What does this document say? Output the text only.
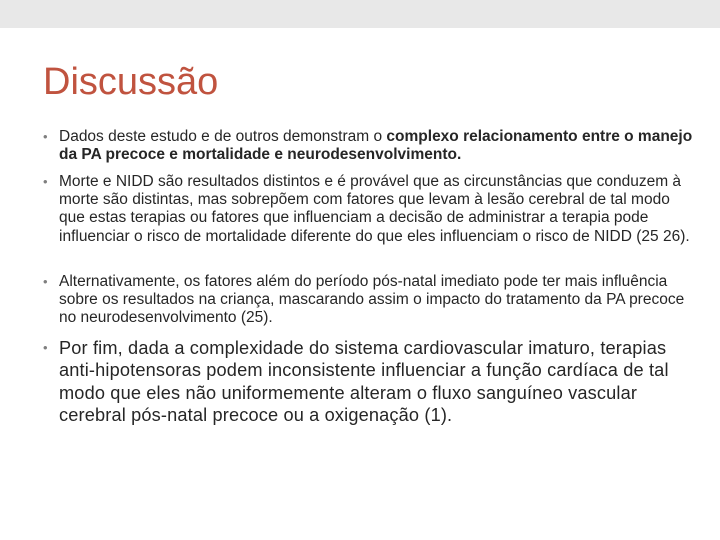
Discussão
• Dados deste estudo e de outros demonstram o complexo relacionamento entre o manejo da PA precoce e mortalidade e neurodesenvolvimento.

• Morte e NIDD são resultados distintos e é provável que as circunstâncias que conduzem à morte são distintas, mas sobrepõem com fatores que levam à lesão cerebral de tal modo que estas terapias ou fatores que influenciam a decisão de administrar a terapia pode influenciar o risco de mortalidade diferente do que eles influenciam o risco de NIDD (25 26).

• Alternativamente, os fatores além do período pós-natal imediato pode ter mais influência sobre os resultados na criança, mascarando assim o impacto do tratamento da PA precoce no neurodesenvolvimento (25).

• Por fim, dada a complexidade do sistema cardiovascular imaturo, terapias anti-hipotensoras podem inconsistente influenciar a função cardíaca de tal modo que eles não uniformemente alteram o fluxo sanguíneo vascular cerebral pós-natal precoce ou a oxigenação (1).
